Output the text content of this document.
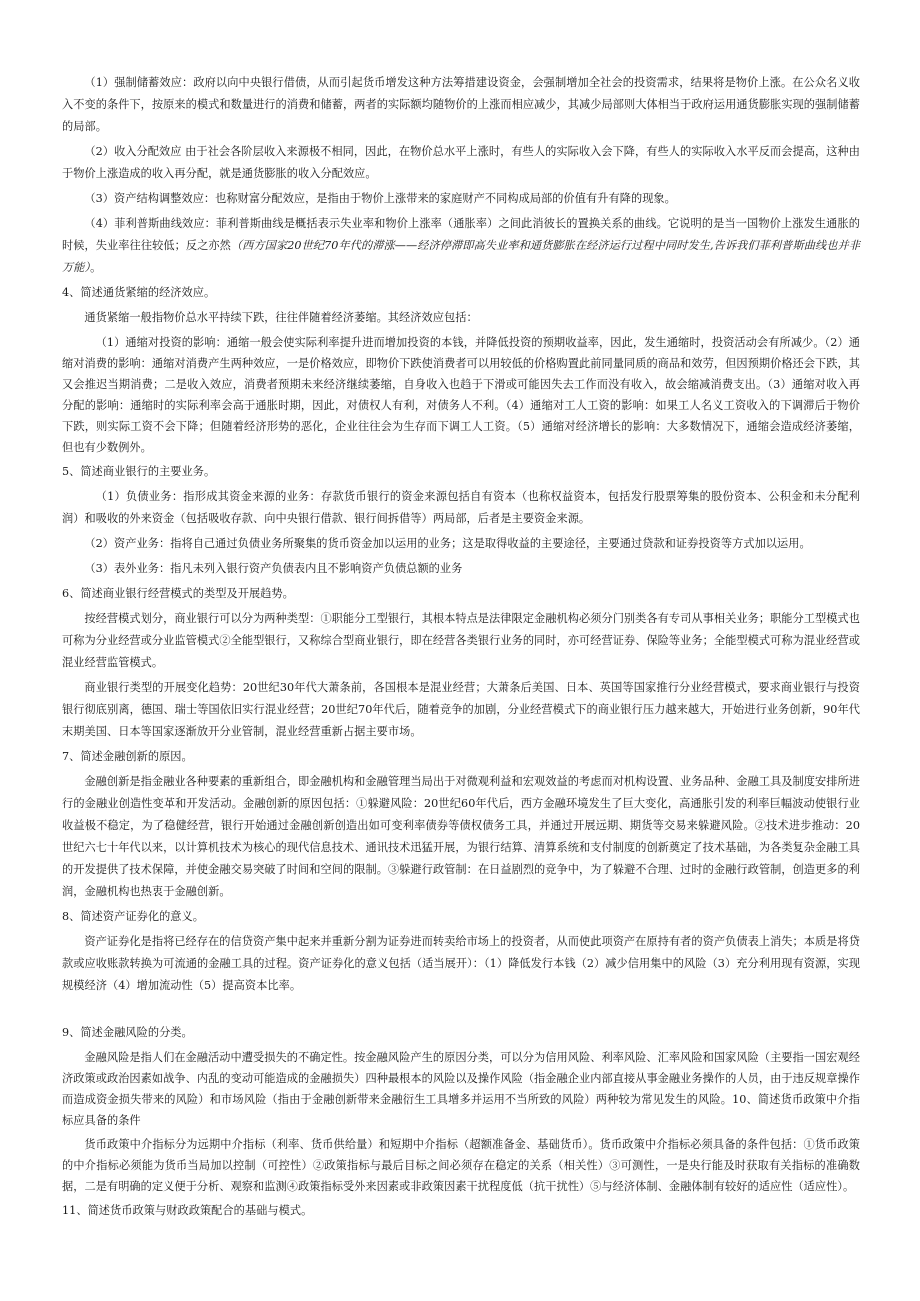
（1）强制储蓄效应：政府以向中央银行借债，从而引起货币增发这种方法筹措建设资金，会强制增加全社会的投资需求，结果将是物价上涨。在公众名义收入不变的条件下，按原来的模式和数量进行的消费和储蓄，两者的实际额均随物价的上涨而相应减少，其减少局部则大体相当于政府运用通货膨胀实现的强制储蓄的局部。

（2）收入分配效应 由于社会各阶层收入来源极不相同，因此，在物价总水平上涨时，有些人的实际收入会下降，有些人的实际收入水平反而会提高，这种由于物价上涨造成的收入再分配，就是通货膨胀的收入分配效应。

（3）资产结构调整效应：也称财富分配效应，是指由于物价上涨带来的家庭财产不同构成局部的价值有升有降的现象。

（4）菲利普斯曲线效应：菲利普斯曲线是概括表示失业率和物价上涨率（通胀率）之间此消彼长的置换关系的曲线。它说明的是当一国物价上涨发生通胀的时候，失业率往往较低；反之亦然（西方国家20世纪70年代的滞涨——经济停滞即高失业率和通货膨胀在经济运行过程中同时发生,告诉我们菲利普斯曲线也并非万能）。

4、简述通货紧缩的经济效应。

通货紧缩一般指物价总水平持续下跌，往往伴随着经济萎缩。其经济效应包括：

（1）通缩对投资的影响：通缩一般会使实际利率提升进而增加投资的本钱，并降低投资的预期收益率，因此，发生通缩时，投资活动会有所减少。（2）通缩对消费的影响：通缩对消费产生两种效应，一是价格效应，即物价下跌使消费者可以用较低的价格购置此前同量同质的商品和效劳，但因预期价格还会下跌，其又会推迟当期消费；二是收入效应，消费者预期未来经济继续萎缩，自身收入也趋于下滑或可能因失去工作而没有收入，故会缩减消费支出。（3）通缩对收入再分配的影响：通缩时的实际利率会高于通胀时期，因此，对债权人有利，对债务人不利。（4）通缩对工人工资的影响：如果工人名义工资收入的下调滞后于物价下跌，则实际工资不会下降；但随着经济形势的恶化，企业往往会为生存而下调工人工资。（5）通缩对经济增长的影响：大多数情况下，通缩会造成经济萎缩，但也有少数例外。

5、简述商业银行的主要业务。

（1）负债业务：指形成其资金来源的业务：存款货币银行的资金来源包括自有资本（也称权益资本，包括发行股票筹集的股份资本、公积金和未分配利润）和吸收的外来资金（包括吸收存款、向中央银行借款、银行间拆借等）两局部，后者是主要资金来源。

（2）资产业务：指将自己通过负债业务所聚集的货币资金加以运用的业务；这是取得收益的主要途径，主要通过贷款和证券投资等方式加以运用。

（3）表外业务：指凡未列入银行资产负债表内且不影响资产负债总额的业务

6、简述商业银行经营模式的类型及开展趋势。

按经营模式划分，商业银行可以分为两种类型：①职能分工型银行，其根本特点是法律限定金融机构必须分门别类各有专司从事相关业务；职能分工型模式也可称为分业经营或分业监管模式②全能型银行，又称综合型商业银行，即在经营各类银行业务的同时，亦可经营证券、保险等业务；全能型模式可称为混业经营或混业经营监管模式。

商业银行类型的开展变化趋势：20世纪30年代大萧条前，各国根本是混业经营；大萧条后美国、日本、英国等国家推行分业经营模式，要求商业银行与投资银行彻底别离，德国、瑞士等国依旧实行混业经营；20世纪70年代后，随着竞争的加剧，分业经营模式下的商业银行压力越来越大，开始进行业务创新，90年代末期美国、日本等国家逐渐放开分业管制，混业经营重新占据主要市场。

7、简述金融创新的原因。

金融创新是指金融业各种要素的重新组合，即金融机构和金融管理当局出于对微观利益和宏观效益的考虑而对机构设置、业务品种、金融工具及制度安排所进行的金融业创造性变革和开发活动。金融创新的原因包括：①躲避风险：20世纪60年代后，西方金融环境发生了巨大变化，高通胀引发的利率巨幅波动使银行业收益极不稳定，为了稳健经营，银行开始通过金融创新创造出如可变利率债券等债权债务工具，并通过开展远期、期货等交易来躲避风险。②技术进步推动：20世纪六七十年代以来，以计算机技术为核心的现代信息技术、通讯技术迅猛开展，为银行结算、清算系统和支付制度的创新奠定了技术基础，为各类复杂金融工具的开发提供了技术保障，并使金融交易突破了时间和空间的限制。③躲避行政管制：在日益剧烈的竞争中，为了躲避不合理、过时的金融行政管制，创造更多的利润，金融机构也热衷于金融创新。

8、简述资产证券化的意义。

资产证券化是指将已经存在的信贷资产集中起来并重新分割为证券进而转卖给市场上的投资者，从而使此项资产在原持有者的资产负债表上消失；本质是将贷款或应收账款转换为可流通的金融工具的过程。资产证券化的意义包括（适当展开）：（1）降低发行本钱（2）减少信用集中的风险（3）充分利用现有资源，实现规模经济（4）增加流动性（5）提高资本比率。

9、简述金融风险的分类。

金融风险是指人们在金融活动中遭受损失的不确定性。按金融风险产生的原因分类，可以分为信用风险、利率风险、汇率风险和国家风险（主要指一国宏观经济政策或政治因素如战争、内乱的变动可能造成的金融损失）四种最根本的风险以及操作风险（指金融企业内部直接从事金融业务操作的人员，由于违反规章操作而造成资金损失带来的风险）和市场风险（指由于金融创新带来金融衍生工具增多并运用不当所致的风险）两种较为常见发生的风险。10、简述货币政策中介指标应具备的条件

货币政策中介指标分为远期中介指标（利率、货币供给量）和短期中介指标（超额准备金、基础货币）。货币政策中介指标必须具备的条件包括：①货币政策的中介指标必须能为货币当局加以控制（可控性）②政策指标与最后目标之间必须存在稳定的关系（相关性）③可测性，一是央行能及时获取有关指标的准确数据，二是有明确的定义便于分析、观察和监测④政策指标受外来因素或非政策因素干扰程度低（抗干扰性）⑤与经济体制、金融体制有较好的适应性（适应性）。

11、简述货币政策与财政政策配合的基础与模式。
